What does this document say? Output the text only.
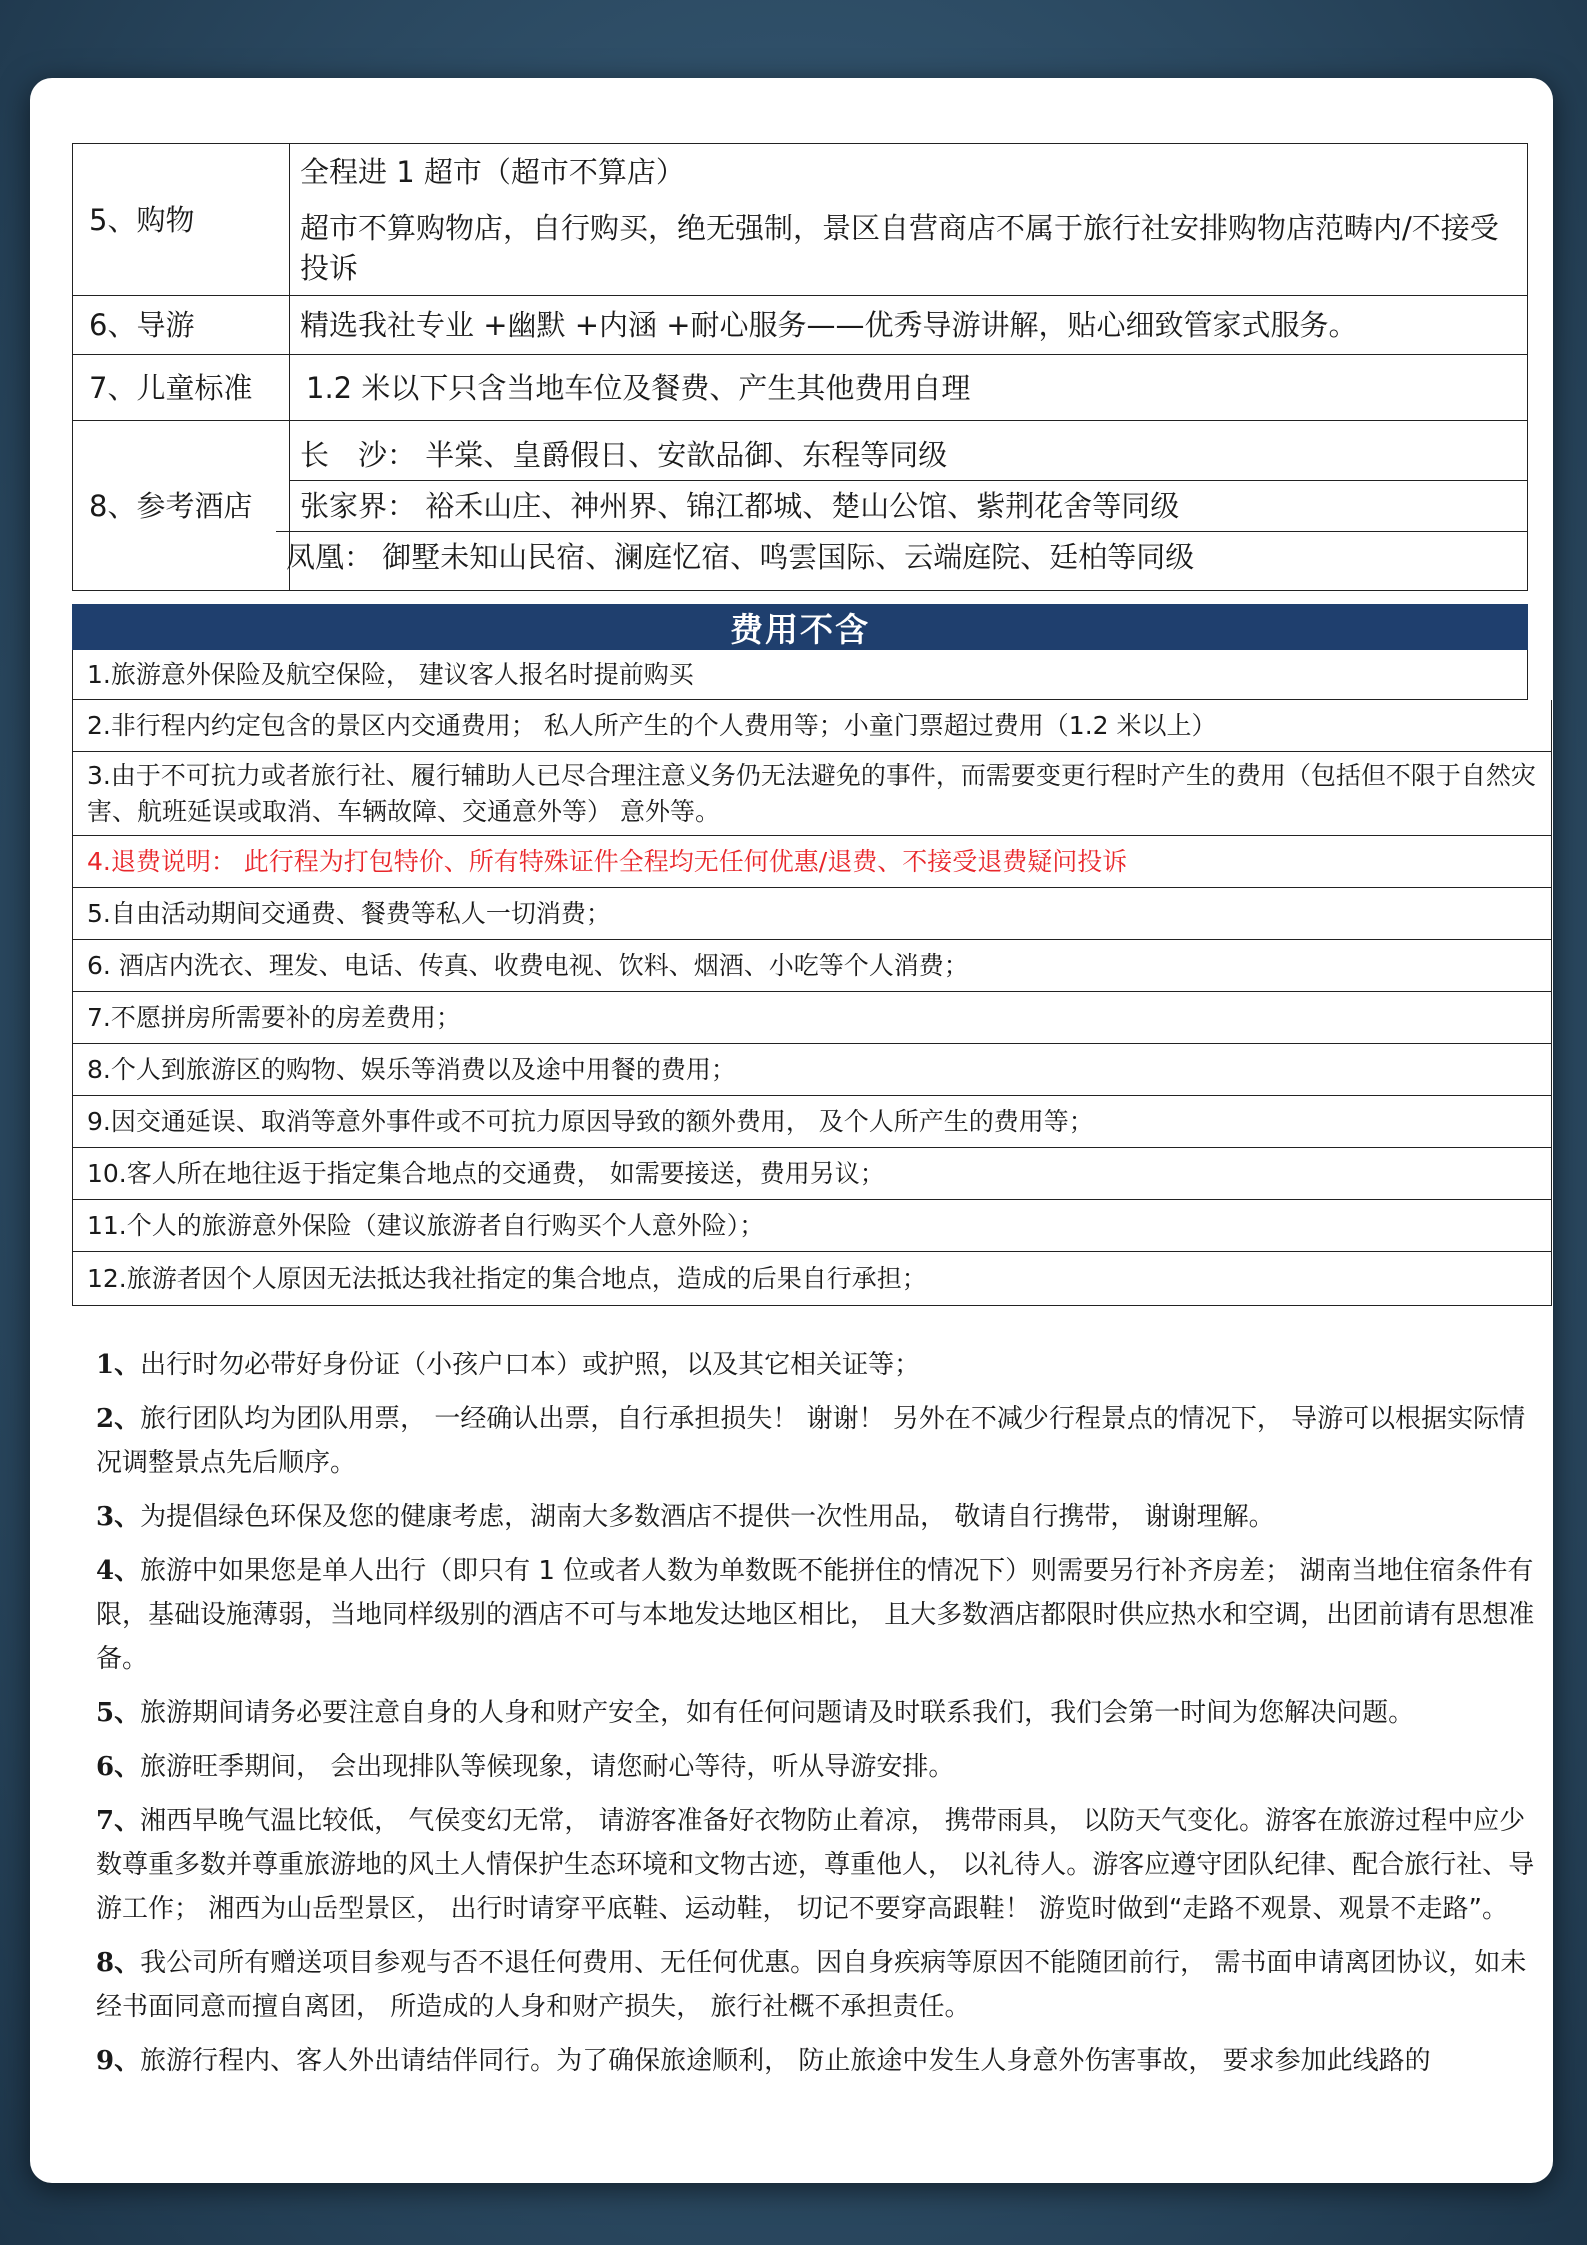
5、购物	全程进 1 超市（超市不算店）
超市不算购物店，自行购买，绝无强制，景区自营商店不属于旅行社安排购物店范畴内/不接受投诉

6、导游	精选我社专业 +幽默 +内涵 +耐心服务——优秀导游讲解，贴心细致管家式服务。
7、儿童标准	1.2 米以下只含当地车位及餐费、产生其他费用自理
8、参考酒店	长　沙： 半棠、皇爵假日、安歆品御、东程等同级
张家界： 裕禾山庄、神州界、锦江都城、楚山公馆、紫荆花舍等同级
凤凰： 御墅未知山民宿、澜庭忆宿、鸣雲国际、云端庭院、廷柏等同级
费用不含
1.旅游意外保险及航空保险， 建议客人报名时提前购买
2.非行程内约定包含的景区内交通费用； 私人所产生的个人费用等；小童门票超过费用（1.2 米以上）
3.由于不可抗力或者旅行社、履行辅助人已尽合理注意义务仍无法避免的事件，而需要变更行程时产生的费用（包括但不限于自然灾害、航班延误或取消、车辆故障、交通意外等） 意外等。
4.退费说明： 此行程为打包特价、所有特殊证件全程均无任何优惠/退费、不接受退费疑问投诉
5.自由活动期间交通费、餐费等私人一切消费；
6. 酒店内洗衣、理发、电话、传真、收费电视、饮料、烟酒、小吃等个人消费；
7.不愿拼房所需要补的房差费用；
8.个人到旅游区的购物、娱乐等消费以及途中用餐的费用；
9.因交通延误、取消等意外事件或不可抗力原因导致的额外费用， 及个人所产生的费用等；
10.客人所在地往返于指定集合地点的交通费， 如需要接送，费用另议；
11.个人的旅游意外保险（建议旅游者自行购买个人意外险）；
12.旅游者因个人原因无法抵达我社指定的集合地点，造成的后果自行承担；
1、出行时勿必带好身份证（小孩户口本）或护照，以及其它相关证等；
2、旅行团队均为团队用票， 一经确认出票，自行承担损失！ 谢谢！ 另外在不减少行程景点的情况下， 导游可以根据实际情况调整景点先后顺序。
3、为提倡绿色环保及您的健康考虑，湖南大多数酒店不提供一次性用品， 敬请自行携带， 谢谢理解。
4、旅游中如果您是单人出行（即只有 1 位或者人数为单数既不能拼住的情况下）则需要另行补齐房差； 湖南当地住宿条件有限，基础设施薄弱，当地同样级别的酒店不可与本地发达地区相比， 且大多数酒店都限时供应热水和空调，出团前请有思想准备。
5、旅游期间请务必要注意自身的人身和财产安全，如有任何问题请及时联系我们，我们会第一时间为您解决问题。
6、旅游旺季期间， 会出现排队等候现象，请您耐心等待，听从导游安排。
7、湘西早晚气温比较低， 气侯变幻无常， 请游客准备好衣物防止着凉， 携带雨具， 以防天气变化。游客在旅游过程中应少数尊重多数并尊重旅游地的风土人情保护生态环境和文物古迹，尊重他人， 以礼待人。游客应遵守团队纪律、配合旅行社、导游工作； 湘西为山岳型景区， 出行时请穿平底鞋、运动鞋， 切记不要穿高跟鞋！ 游览时做到“走路不观景、观景不走路”。
8、我公司所有赠送项目参观与否不退任何费用、无任何优惠。因自身疾病等原因不能随团前行， 需书面申请离团协议，如未经书面同意而擅自离团， 所造成的人身和财产损失， 旅行社概不承担责任。
9、旅游行程内、客人外出请结伴同行。为了确保旅途顺利， 防止旅途中发生人身意外伤害事故， 要求参加此线路的
